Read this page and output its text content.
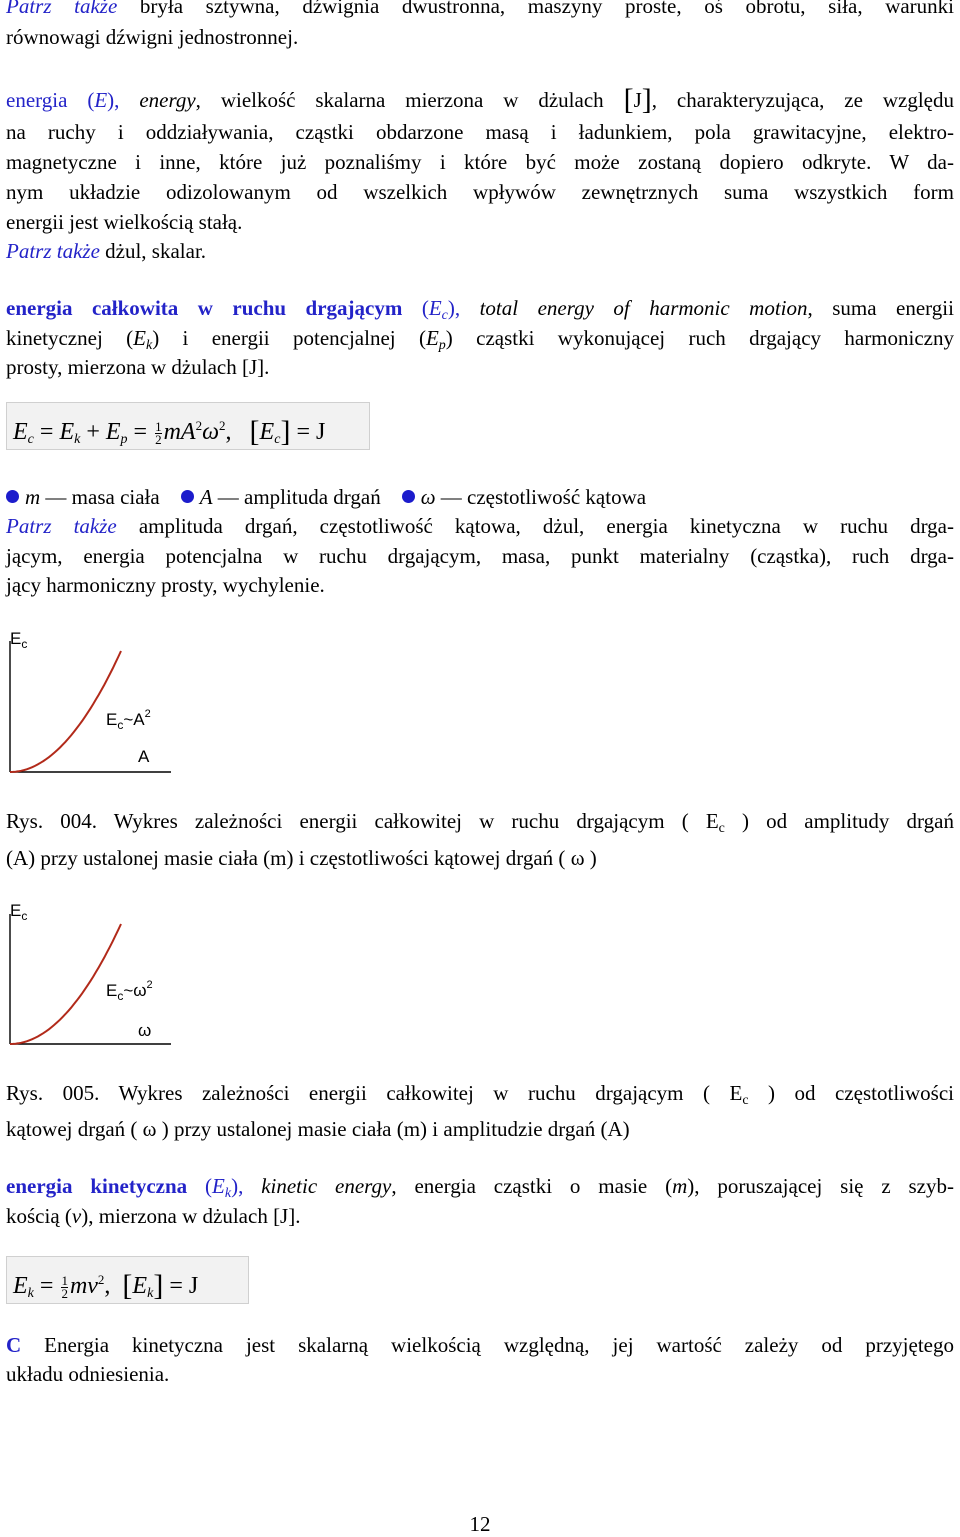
Patrz także bryła sztywna, dźwignia dwustronna, maszyny proste, oś obrotu, siła, warunki
równowagi dźwigni jednostronnej.
energia (E), energy, wielkość skalarna mierzona w dżulach [J], charakteryzująca, ze względu
na ruchy i oddziaływania, cząstki obdarzone masą i ładunkiem, pola grawitacyjne, elektro-
magnetyczne i inne, które już poznaliśmy i które być może zostaną dopiero odkryte. W da-
nym układzie odizolowanym od wszelkich wpływów zewnętrznych suma wszystkich form
energii jest wielkością stałą.
Patrz także dżul, skalar.
energia całkowita w ruchu drgającym $(E_c)$, total energy of harmonic motion, suma energii
kinetycznej $(E_k)$ i energii potencjalnej $(E_p)$ cząstki wykonującej ruch drgający harmoniczny
prosty, mierzona w dżulach [J].
$E_c = E_k + E_p = \frac{1}{2} mA^2\omega^2$, $[E_c] = J$
m — masa ciała A — amplituda drgań ω — częstotliwość kątowa
Patrz także amplituda drgań, częstotliwość kątowa, dżul, energia kinetyczna w ruchu drga-
jącym, energia potencjalna w ruchu drgającym, masa, punkt materialny (cząstka), ruch drga-
jący harmoniczny prosty, wychylenie.
$E_c$
$E_c\sim A^2$
A
$E_c$
$E_c\sim\omega^2$
ω
Rys. 004. Wykres zależności energii całkowitej w ruchu drgającym ( $E_c$ ) od amplitudy drgań
(A) przy ustalonej masie ciała (m) i częstotliwości kątowej drgań ( ω )
Rys. 005. Wykres zależności energii całkowitej w ruchu drgającym ( $E_c$ ) od częstotliwości
kątowej drgań ( ω ) przy ustalonej masie ciała (m) i amplitudzie drgań (A)
energia kinetyczna $(E_k)$, kinetic energy, energia cząstki o masie (m), poruszającej się z szyb-
kością (v), mierzona w dżulach [J].
$E_k = \frac{1}{2} mv^2$, $[E_k] = J$
C Energia kinetyczna jest skalarną wielkością względną, jej wartość zależy od przyjętego
układu odniesienia.
12
